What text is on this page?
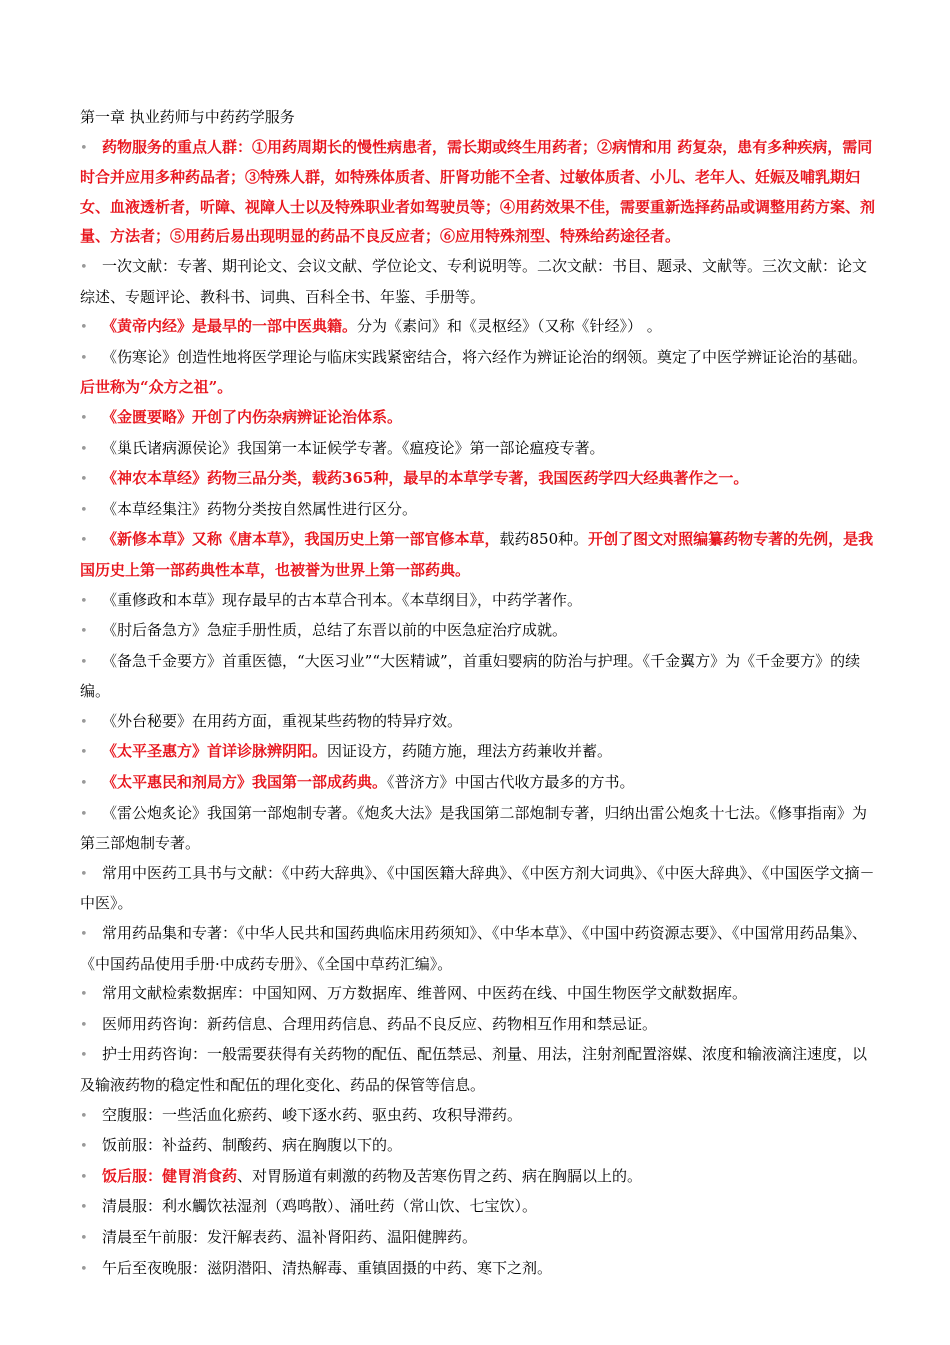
第一章 执业药师与中药药学服务
• 药物服务的重点人群：①用药周期长的慢性病患者，需长期或终生用药者；②病情和用 药复杂，患有多种疾病，需同时合并应用多种药品者；③特殊人群，如特殊体质者、肝肾功能不全者、过敏体质者、小儿、老年人、妊娠及哺乳期妇女、血液透析者，听障、视障人士以及特殊职业者如驾驶员等；④用药效果不佳，需要重新选择药品或调整用药方案、剂量、方法者；⑤用药后易出现明显的药品不良反应者；⑥应用特殊剂型、特殊给药途径者。
• 一次文献：专著、期刊论文、会议文献、学位论文、专利说明等。二次文献：书目、题录、文献等。三次文献：论文综述、专题评论、教科书、词典、百科全书、年鉴、手册等。
• 《黄帝内经》是最早的一部中医典籍。分为《素问》和《灵枢经》（又称《针经》） 。
• 《伤寒论》创造性地将医学理论与临床实践紧密结合，将六经作为辨证论治的纲领。奠定了中医学辨证论治的基础。后世称为“众方之祖”。
• 《金匮要略》开创了内伤杂病辨证论治体系。
• 《巢氏诸病源侯论》我国第一本证候学专著。《瘟疫论》第一部论瘟疫专著。
• 《神农本草经》药物三品分类，载药365种，最早的本草学专著，我国医药学四大经典著作之一。
• 《本草经集注》药物分类按自然属性进行区分。
• 《新修本草》又称《唐本草》，我国历史上第一部官修本草，载药850种。开创了图文对照编纂药物专著的先例，是我国历史上第一部药典性本草，也被誉为世界上第一部药典。
• 《重修政和本草》现存最早的古本草合刊本。《本草纲目》，中药学著作。
• 《肘后备急方》急症手册性质，总结了东晋以前的中医急症治疗成就。
• 《备急千金要方》首重医德，“大医习业”“大医精诚”，首重妇婴病的防治与护理。《千金翼方》为《千金要方》的续编。
• 《外台秘要》在用药方面，重视某些药物的特异疗效。
• 《太平圣惠方》首详诊脉辨阴阳。因证设方，药随方施，理法方药兼收并蓄。
• 《太平惠民和剂局方》我国第一部成药典。《普济方》中国古代收方最多的方书。
• 《雷公炮炙论》我国第一部炮制专著。《炮炙大法》是我国第二部炮制专著，归纳出雷公炮炙十七法。《修事指南》为第三部炮制专著。
• 常用中医药工具书与文献：《中药大辞典》、《中国医籍大辞典》、《中医方剂大词典》、《中医大辞典》、《中国医学文摘－中医》。
• 常用药品集和专著：《中华人民共和国药典临床用药须知》、《中华本草》、《中国中药资源志要》、《中国常用药品集》、《中国药品使用手册·中成药专册》、《全国中草药汇编》。
• 常用文献检索数据库：中国知网、万方数据库、维普网、中医药在线、中国生物医学文献数据库。
• 医师用药咨询：新药信息、合理用药信息、药品不良反应、药物相互作用和禁忌证。
• 护士用药咨询：一般需要获得有关药物的配伍、配伍禁忌、剂量、用法，注射剂配置溶媒、浓度和输液滴注速度，以及输液药物的稳定性和配伍的理化变化、药品的保管等信息。
• 空腹服：一些活血化瘀药、峻下逐水药、驱虫药、攻积导滞药。
• 饭前服：补益药、制酸药、病在胸腹以下的。
• 饭后服：健胃消食药、对胃肠道有刺激的药物及苦寒伤胃之药、病在胸膈以上的。
• 清晨服：利水觸饮祛湿剂（鸡鸣散）、涌吐药（常山饮、七宝饮）。
• 清晨至午前服：发汗解表药、温补肾阳药、温阳健脾药。
• 午后至夜晚服：滋阴潜阳、清热解毒、重镇固摄的中药、寒下之剂。
